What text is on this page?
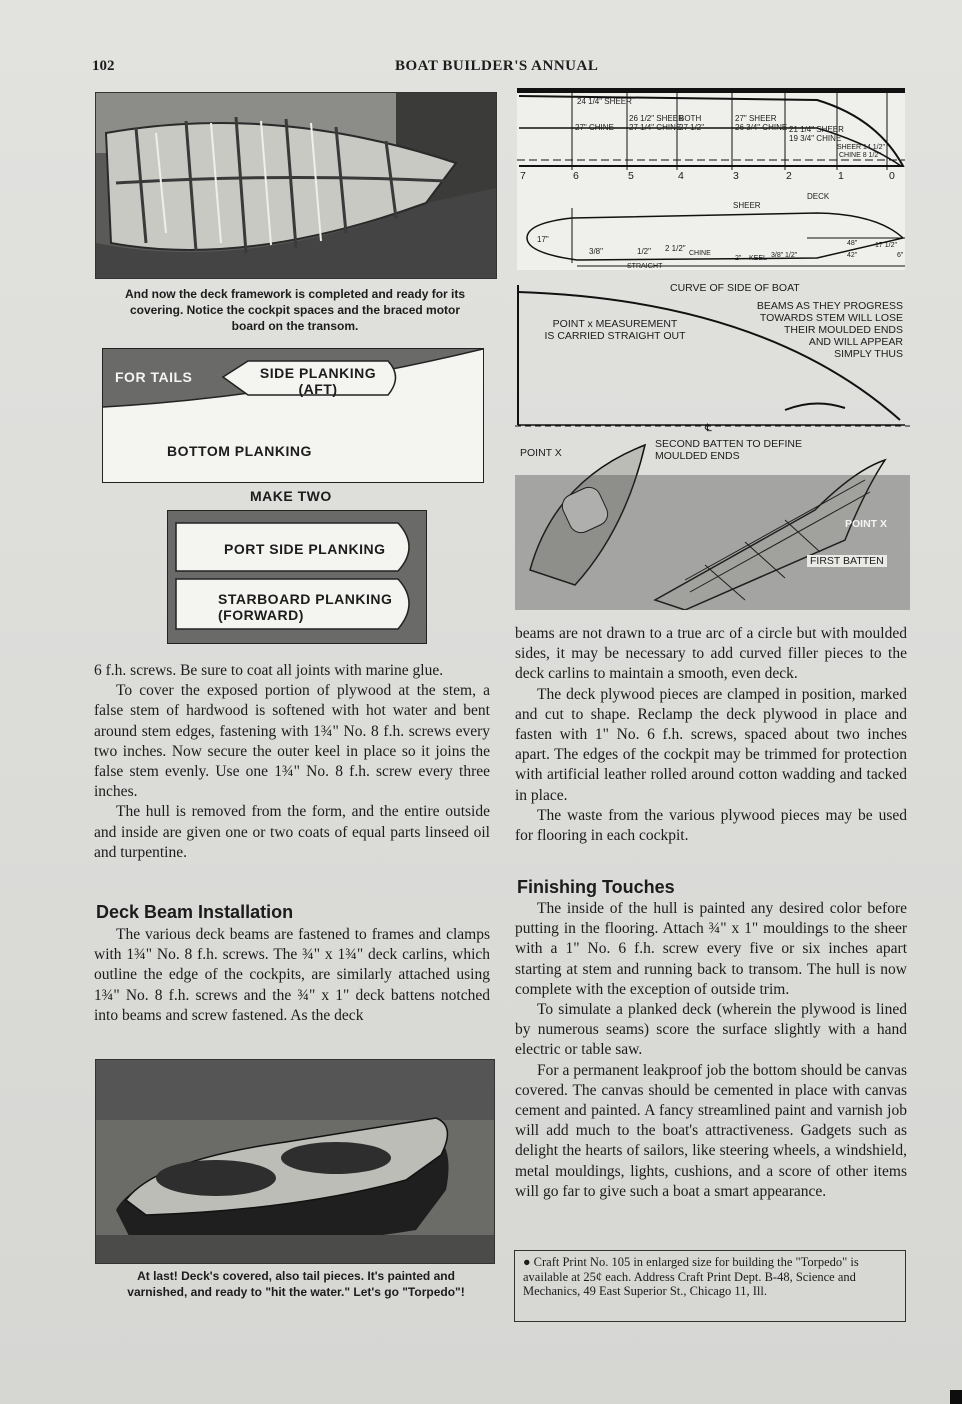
102	BOAT BUILDER'S ANNUAL
And now the deck framework is completed and ready for its covering. Notice the cockpit spaces and the braced motor board on the transom.
FOR TAILS	SIDE PLANKING
(AFT)
SCRAP
FOR TAILS
BOTTOM PLANKING
MAKE TWO
PORT SIDE PLANKING
STARBOARD PLANKING
(FORWARD)

6 f.h. screws. Be sure to coat all joints with marine glue.

To cover the exposed portion of plywood at the stem, a false stem of hardwood is softened with hot water and bent around stem edges, fastening with 1¾" No. 8 f.h. screws every two inches. Now secure the outer keel in place so it joins the false stem evenly. Use one 1¾" No. 8 f.h. screw every three inches.

The hull is removed from the form, and the entire outside and inside are given one or two coats of equal parts linseed oil and turpentine.

Deck Beam Installation

The various deck beams are fastened to frames and clamps with 1¾" No. 8 f.h. screws. The ¾" x 1¾" deck carlins, which outline the edge of the cockpits, are similarly attached using 1¾" No. 8 f.h. screws and the ¾" x 1" deck battens notched into beams and screw fastened. As the deck

At last! Deck's covered, also tail pieces. It's painted and varnished, and ready to "hit the water." Let's go "Torpedo"!
24 1/4" SHEER
26 1/2" SHEER
27 1/4" CHINE
27" CHINE
BOTH
27 1/2"
27" SHEER
26 3/4" CHINE 21 1/4" SHEER
19 3/4" CHINE
SHEER 14 1/2"
CHINE 8 1/2"
7	6	5	4	3	2	1	0
DECK
SHEER
17"
3/8"	1/2" 2 1/2"
CHINE
KEEL
2"	3/8" 1/2"
48"
42"
17 1/2"
6"
STRAIGHT
CURVE OF SIDE OF BOAT
BEAMS AS THEY PROGRESS
TOWARDS STEM WILL LOSE
THEIR MOULDED ENDS
AND WILL APPEAR
SIMPLY THUS
POINT x MEASUREMENT
IS CARRIED STRAIGHT OUT
℄
SECOND BATTEN TO DEFINE
MOULDED ENDS
POINT X
POINT X
FIRST BATTEN

beams are not drawn to a true arc of a circle but with moulded sides, it may be necessary to add curved filler pieces to the deck carlins to maintain a smooth, even deck.

The deck plywood pieces are clamped in position, marked and cut to shape. Reclamp the deck plywood in place and fasten with 1" No. 6 f.h. screws, spaced about two inches apart. The edges of the cockpit may be trimmed for protection with artificial leather rolled around cotton wadding and tacked in place.

The waste from the various plywood pieces may be used for flooring in each cockpit.

Finishing Touches

The inside of the hull is painted any desired color before putting in the flooring. Attach ¾" x 1" mouldings to the sheer with a 1" No. 6 f.h. screw every five or six inches apart starting at stem and running back to transom. The hull is now complete with the exception of outside trim.

To simulate a planked deck (wherein the plywood is lined by numerous seams) score the surface slightly with a hand electric or table saw.

For a permanent leakproof job the bottom should be canvas covered. The canvas should be cemented in place with canvas cement and painted. A fancy streamlined paint and varnish job will add much to the boat's attractiveness. Gadgets such as delight the hearts of sailors, like steering wheels, a windshield, metal mouldings, lights, cushions, and a score of other items will go far to give such a boat a smart appearance.

● Craft Print No. 105 in enlarged size for building the "Torpedo" is available at 25¢ each. Address Craft Print Dept. B-48, Science and Mechanics, 49 East Superior St., Chicago 11, Ill.
